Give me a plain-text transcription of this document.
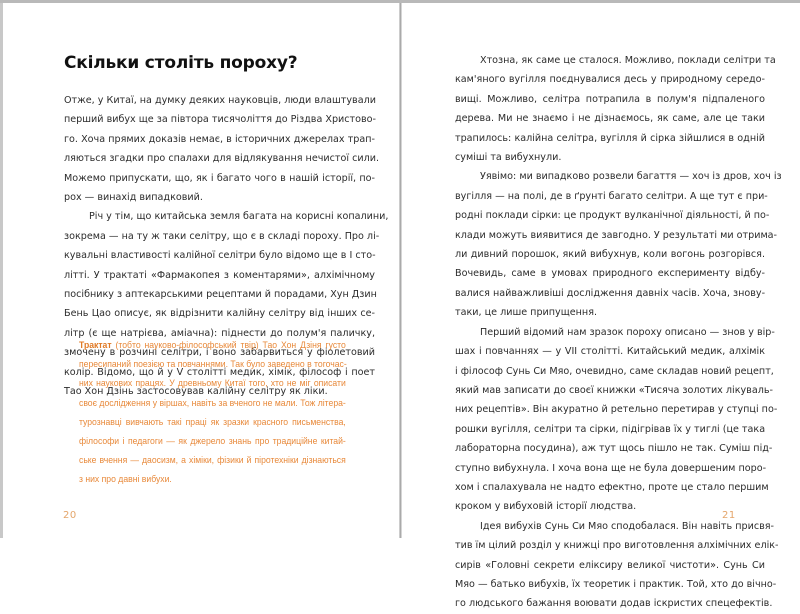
Скільки століть пороху?

Отже, у Китаї, на думку деяких науковців, люди влаштували
перший вибух ще за півтора тисячоліття до Різдва Христово-
го. Хоча прямих доказів немає, в історичних джерелах трап-
ляються згадки про спалахи для відлякування нечистої сили.
Можемо припускати, що, як і багато чого в нашій історії, по-
рох — винахід випадковий.

Річ у тім, що китайська земля багата на корисні копалини,
зокрема — на ту ж таки селітру, що є в складі пороху. Про лі-
кувальні властивості калійної селітри було відомо ще в І сто-
літті. У трактаті «Фармакопея з коментарями», алхімічному
посібнику з аптекарськими рецептами й порадами, Хун Дзин
Бень Цао описує, як відрізнити калійну селітру від інших се-
літр (є ще натрієва, аміачна): піднести до полум'я паличку,
змочену в розчині селітри, і воно забарвиться у фіолетовий
колір. Відомо, що й у V столітті медик, хімік, філософ і поет
Тао Хон Дзінь застосовував калійну селітру як ліки.

Трактат (тобто науково-філософський твір) Тао Хон Дзіня густо
пересипаний поезією та повчаннями. Так було заведено в тогочас-
них наукових працях. У древньому Китаї того, хто не міг описати
своє дослідження у віршах, навіть за вченого не мали. Тож літера-
турознавці вивчають такі праці як зразки красного письменства,
філософи і педагоги — як джерело знань про традиційне китай-
ське вчення — даосизм, а хіміки, фізики й піротехніки дізнаються
з них про давні вибухи.
20

Хтозна, як саме це сталося. Можливо, поклади селітри та
кам'яного вугілля поєднувалися десь у природному середо-
вищі. Можливо, селітра потрапила в полум'я підпаленого
дерева. Ми не знаємо і не дізнаємось, як саме, але це таки
трапилось: калійна селітра, вугілля й сірка зійшлися в одній
суміші та вибухнули.

Уявімо: ми випадково розвели багаття — хоч із дров, хоч із
вугілля — на полі, де в ґрунті багато селітри. А ще тут є при-
родні поклади сірки: це продукт вулканічної діяльності, й по-
клади можуть виявитися де завгодно. У результаті ми отрима-
ли дивний порошок, який вибухнув, коли вогонь розгорівся.
Вочевидь, саме в умовах природного експерименту відбу-
валися найважливіші дослідження давніх часів. Хоча, знову-
таки, це лише припущення.

Перший відомий нам зразок пороху описано — знов у вір-
шах і повчаннях — у VII столітті. Китайський медик, алхімік
і філософ Сунь Си Мяо, очевидно, саме складав новий рецепт,
який мав записати до своєї книжки «Тисяча золотих лікуваль-
них рецептів». Він акуратно й ретельно перетирав у ступці по-
рошки вугілля, селітри та сірки, підігрівав їх у тиглі (це така
лабораторна посудина), аж тут щось пішло не так. Суміш під-
ступно вибухнула. І хоча вона ще не була довершеним поро-
хом і спалахувала не надто ефектно, проте це стало першим
кроком у вибуховій історії людства.

Ідея вибухів Сунь Си Мяо сподобалася. Він навіть присвя-
тив їм цілий розділ у книжці про виготовлення алхімічних елік-
сирів «Головні секрети еліксиру великої чистоти». Сунь Си
Мяо — батько вибухів, їх теоретик і практик. Той, хто до вічно-
го людського бажання воювати додав іскристих спецефектів.

21
